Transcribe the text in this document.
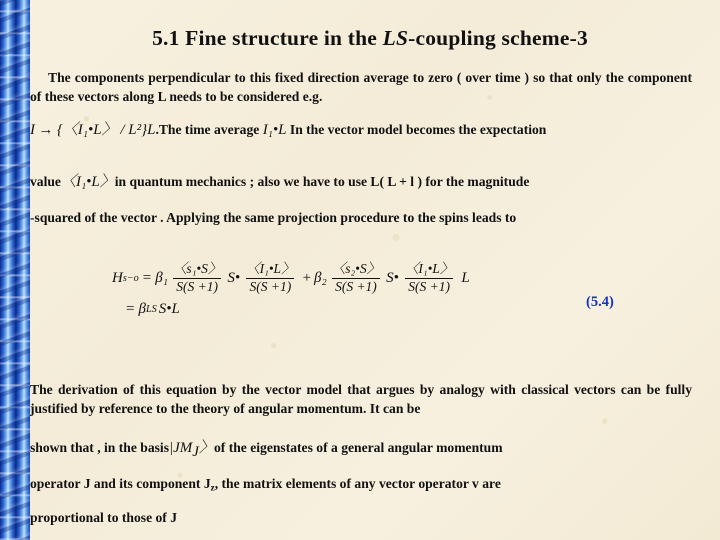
5.1 Fine structure in the LS-coupling scheme-3
The components perpendicular to this fixed direction average to zero ( over time ) so that only the component of these vectors along L needs to be considered e.g.
I → {〈I₁•L〉 / L²}L.The time average I₁•L In the vector model becomes the expectation
value〈I₁•L〉in quantum mechanics ; also we have to use L( L + l ) for the magnitude
-squared of the vector . Applying the same projection procedure to the spins leads to
H $s-o = \beta_1 \frac{\text{〈s₁•S〉}}{S(S +1)}$ S• $\frac{\text{〈I₁•L〉}}{S(S +1)} + \beta_2 \frac{\text{〈s₂•S〉}}{S(S +1)}$ S• $\frac{\text{〈I₁•L〉}}{S(S +1)}$ L
= β LS S•L	(5.4)
The derivation of this equation by the vector model that argues by analogy with classical vectors can be fully justified by reference to the theory of angular momentum. It can be
shown that , in the $basis|JM_J〉of$ the eigenstates of a general angular momentum
operator J and its component $J_z$, the matrix elements of any vector operator v are
proportional to those of J
